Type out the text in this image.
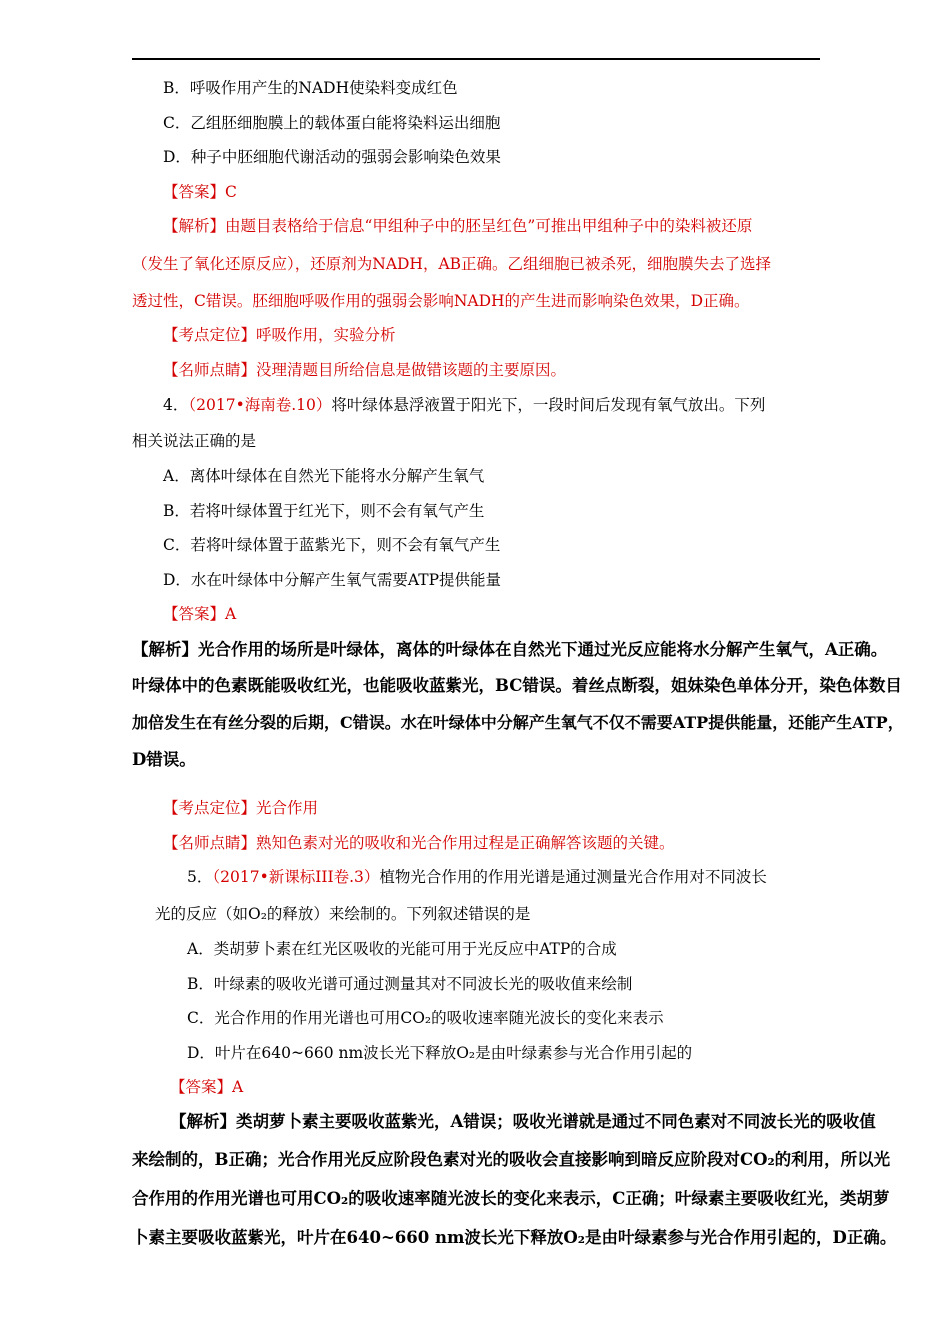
B．呼吸作用产生的NADH使染料变成红色
C．乙组胚细胞膜上的载体蛋白能将染料运出细胞
D．种子中胚细胞代谢活动的强弱会影响染色效果
【答案】C
【解析】由题目表格给于信息“甲组种子中的胚呈红色”可推出甲组种子中的染料被还原
（发生了氧化还原反应），还原剂为NADH，AB正确。乙组细胞已被杀死，细胞膜失去了选择
透过性，C错误。胚细胞呼吸作用的强弱会影响NADH的产生进而影响染色效果，D正确。
【考点定位】呼吸作用，实验分析
【名师点睛】没理清题目所给信息是做错该题的主要原因。
4．（2017•海南卷.10）将叶绿体悬浮液置于阳光下，一段时间后发现有氧气放出。下列
相关说法正确的是
A．离体叶绿体在自然光下能将水分解产生氧气
B．若将叶绿体置于红光下，则不会有氧气产生
C．若将叶绿体置于蓝紫光下，则不会有氧气产生
D．水在叶绿体中分解产生氧气需要ATP提供能量
【答案】A
【解析】光合作用的场所是叶绿体，离体的叶绿体在自然光下通过光反应能将水分解产生氧气，A正确。
叶绿体中的色素既能吸收红光，也能吸收蓝紫光，BC错误。着丝点断裂，姐妹染色单体分开，染色体数目
加倍发生在有丝分裂的后期，C错误。水在叶绿体中分解产生氧气不仅不需要ATP提供能量，还能产生ATP，
D错误。
【考点定位】光合作用
【名师点睛】熟知色素对光的吸收和光合作用过程是正确解答该题的关键。
5．（2017•新课标III卷.3）植物光合作用的作用光谱是通过测量光合作用对不同波长
光的反应（如O₂的释放）来绘制的。下列叙述错误的是
A．类胡萝卜素在红光区吸收的光能可用于光反应中ATP的合成
B．叶绿素的吸收光谱可通过测量其对不同波长光的吸收值来绘制
C．光合作用的作用光谱也可用CO₂的吸收速率随光波长的变化来表示
D．叶片在640~660 nm波长光下释放O₂是由叶绿素参与光合作用引起的
【答案】A
【解析】类胡萝卜素主要吸收蓝紫光，A错误；吸收光谱就是通过不同色素对不同波长光的吸收值
来绘制的，B正确；光合作用光反应阶段色素对光的吸收会直接影响到暗反应阶段对CO₂的利用，所以光
合作用的作用光谱也可用CO₂的吸收速率随光波长的变化来表示，C正确；叶绿素主要吸收红光，类胡萝
卜素主要吸收蓝紫光，叶片在640~660 nm波长光下释放O₂是由叶绿素参与光合作用引起的，D正确。
